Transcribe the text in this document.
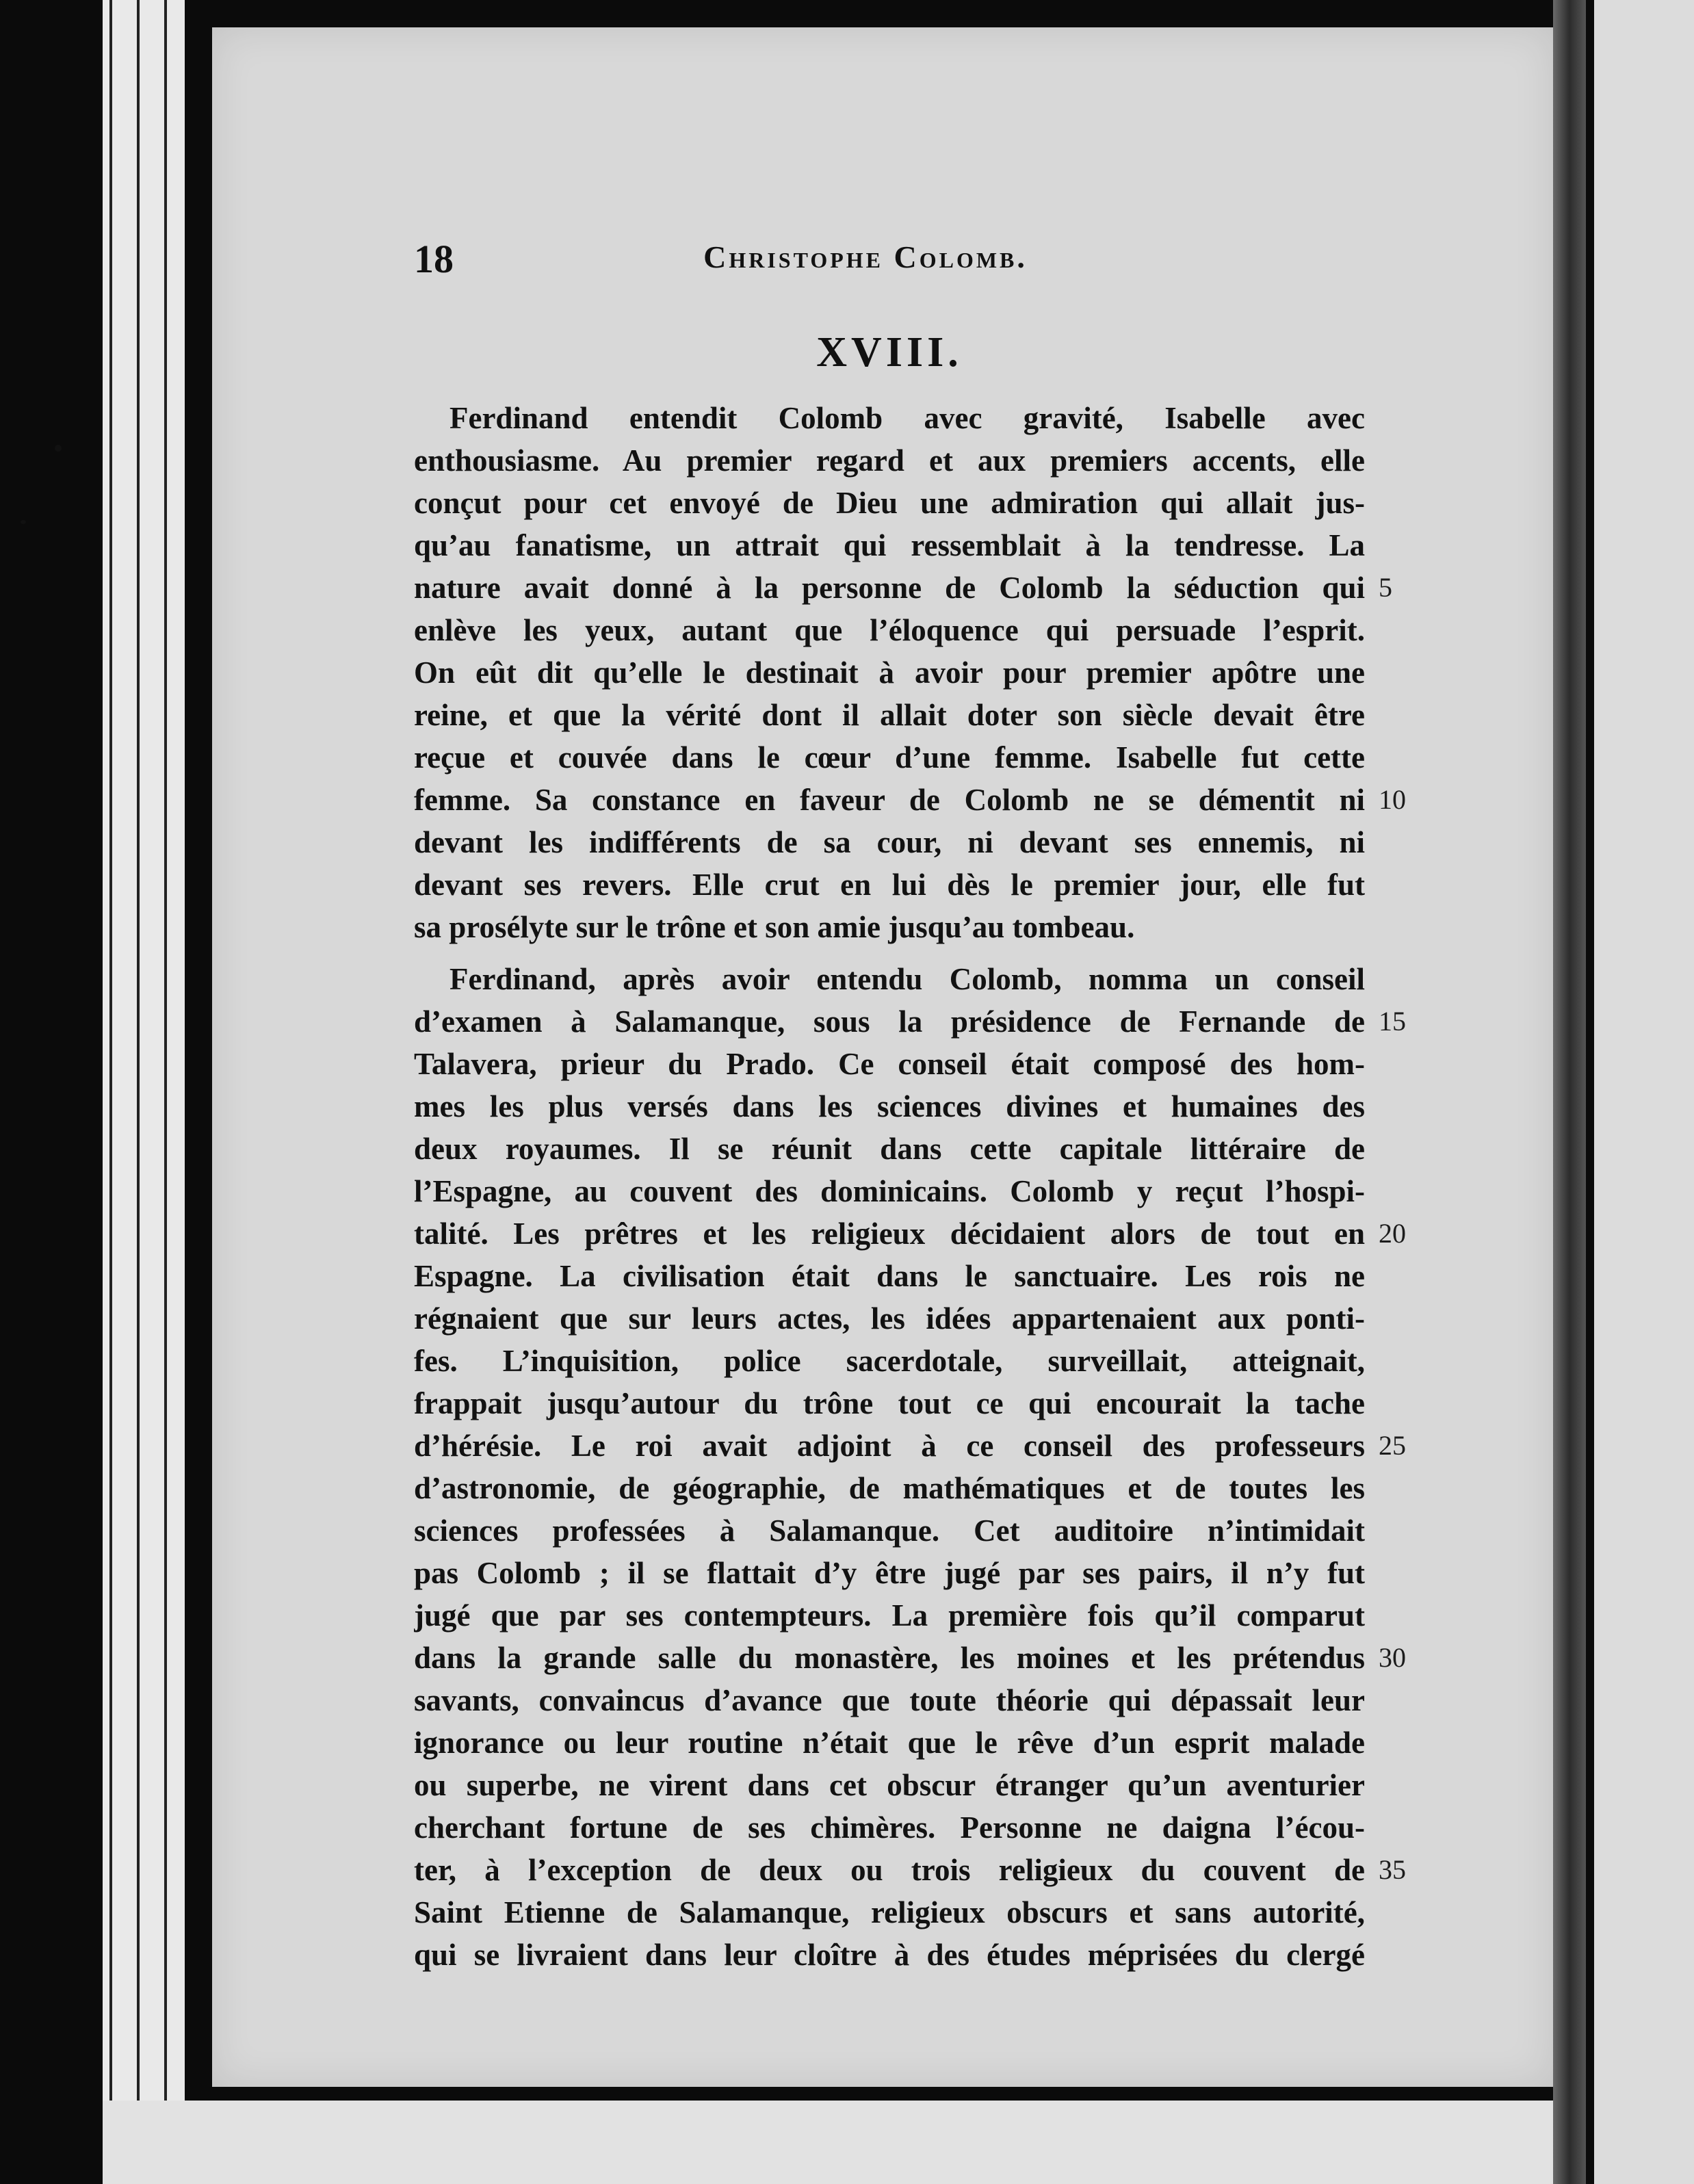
18	Christophe Colomb.
XVIII.
Ferdinand entendit Colomb avec gravité, Isabelle avec
enthousiasme. Au premier regard et aux premiers accents, elle
conçut pour cet envoyé de Dieu une admiration qui allait jus-
qu’au fanatisme, un attrait qui ressemblait à la tendresse. La
nature avait donné à la personne de Colomb la séduction qui
enlève les yeux, autant que l’éloquence qui persuade l’esprit.
On eût dit qu’elle le destinait à avoir pour premier apôtre une
reine, et que la vérité dont il allait doter son siècle devait être
reçue et couvée dans le cœur d’une femme. Isabelle fut cette
femme. Sa constance en faveur de Colomb ne se démentit ni
devant les indifférents de sa cour, ni devant ses ennemis, ni
devant ses revers. Elle crut en lui dès le premier jour, elle fut
sa prosélyte sur le trône et son amie jusqu’au tombeau.
Ferdinand, après avoir entendu Colomb, nomma un conseil
d’examen à Salamanque, sous la présidence de Fernande de
Talavera, prieur du Prado. Ce conseil était composé des hom-
mes les plus versés dans les sciences divines et humaines des
deux royaumes. Il se réunit dans cette capitale littéraire de
l’Espagne, au couvent des dominicains. Colomb y reçut l’hospi-
talité. Les prêtres et les religieux décidaient alors de tout en
Espagne. La civilisation était dans le sanctuaire. Les rois ne
régnaient que sur leurs actes, les idées appartenaient aux ponti-
fes. L’inquisition, police sacerdotale, surveillait, atteignait,
frappait jusqu’autour du trône tout ce qui encourait la tache
d’hérésie. Le roi avait adjoint à ce conseil des professeurs
d’astronomie, de géographie, de mathématiques et de toutes les
sciences professées à Salamanque. Cet auditoire n’intimidait
pas Colomb ; il se flattait d’y être jugé par ses pairs, il n’y fut
jugé que par ses contempteurs. La première fois qu’il comparut
dans la grande salle du monastère, les moines et les prétendus
savants, convaincus d’avance que toute théorie qui dépassait leur
ignorance ou leur routine n’était que le rêve d’un esprit malade
ou superbe, ne virent dans cet obscur étranger qu’un aventurier
cherchant fortune de ses chimères. Personne ne daigna l’écou-
ter, à l’exception de deux ou trois religieux du couvent de
Saint Etienne de Salamanque, religieux obscurs et sans autorité,
qui se livraient dans leur cloître à des études méprisées du clergé
5
10
15
20
25
30
35
